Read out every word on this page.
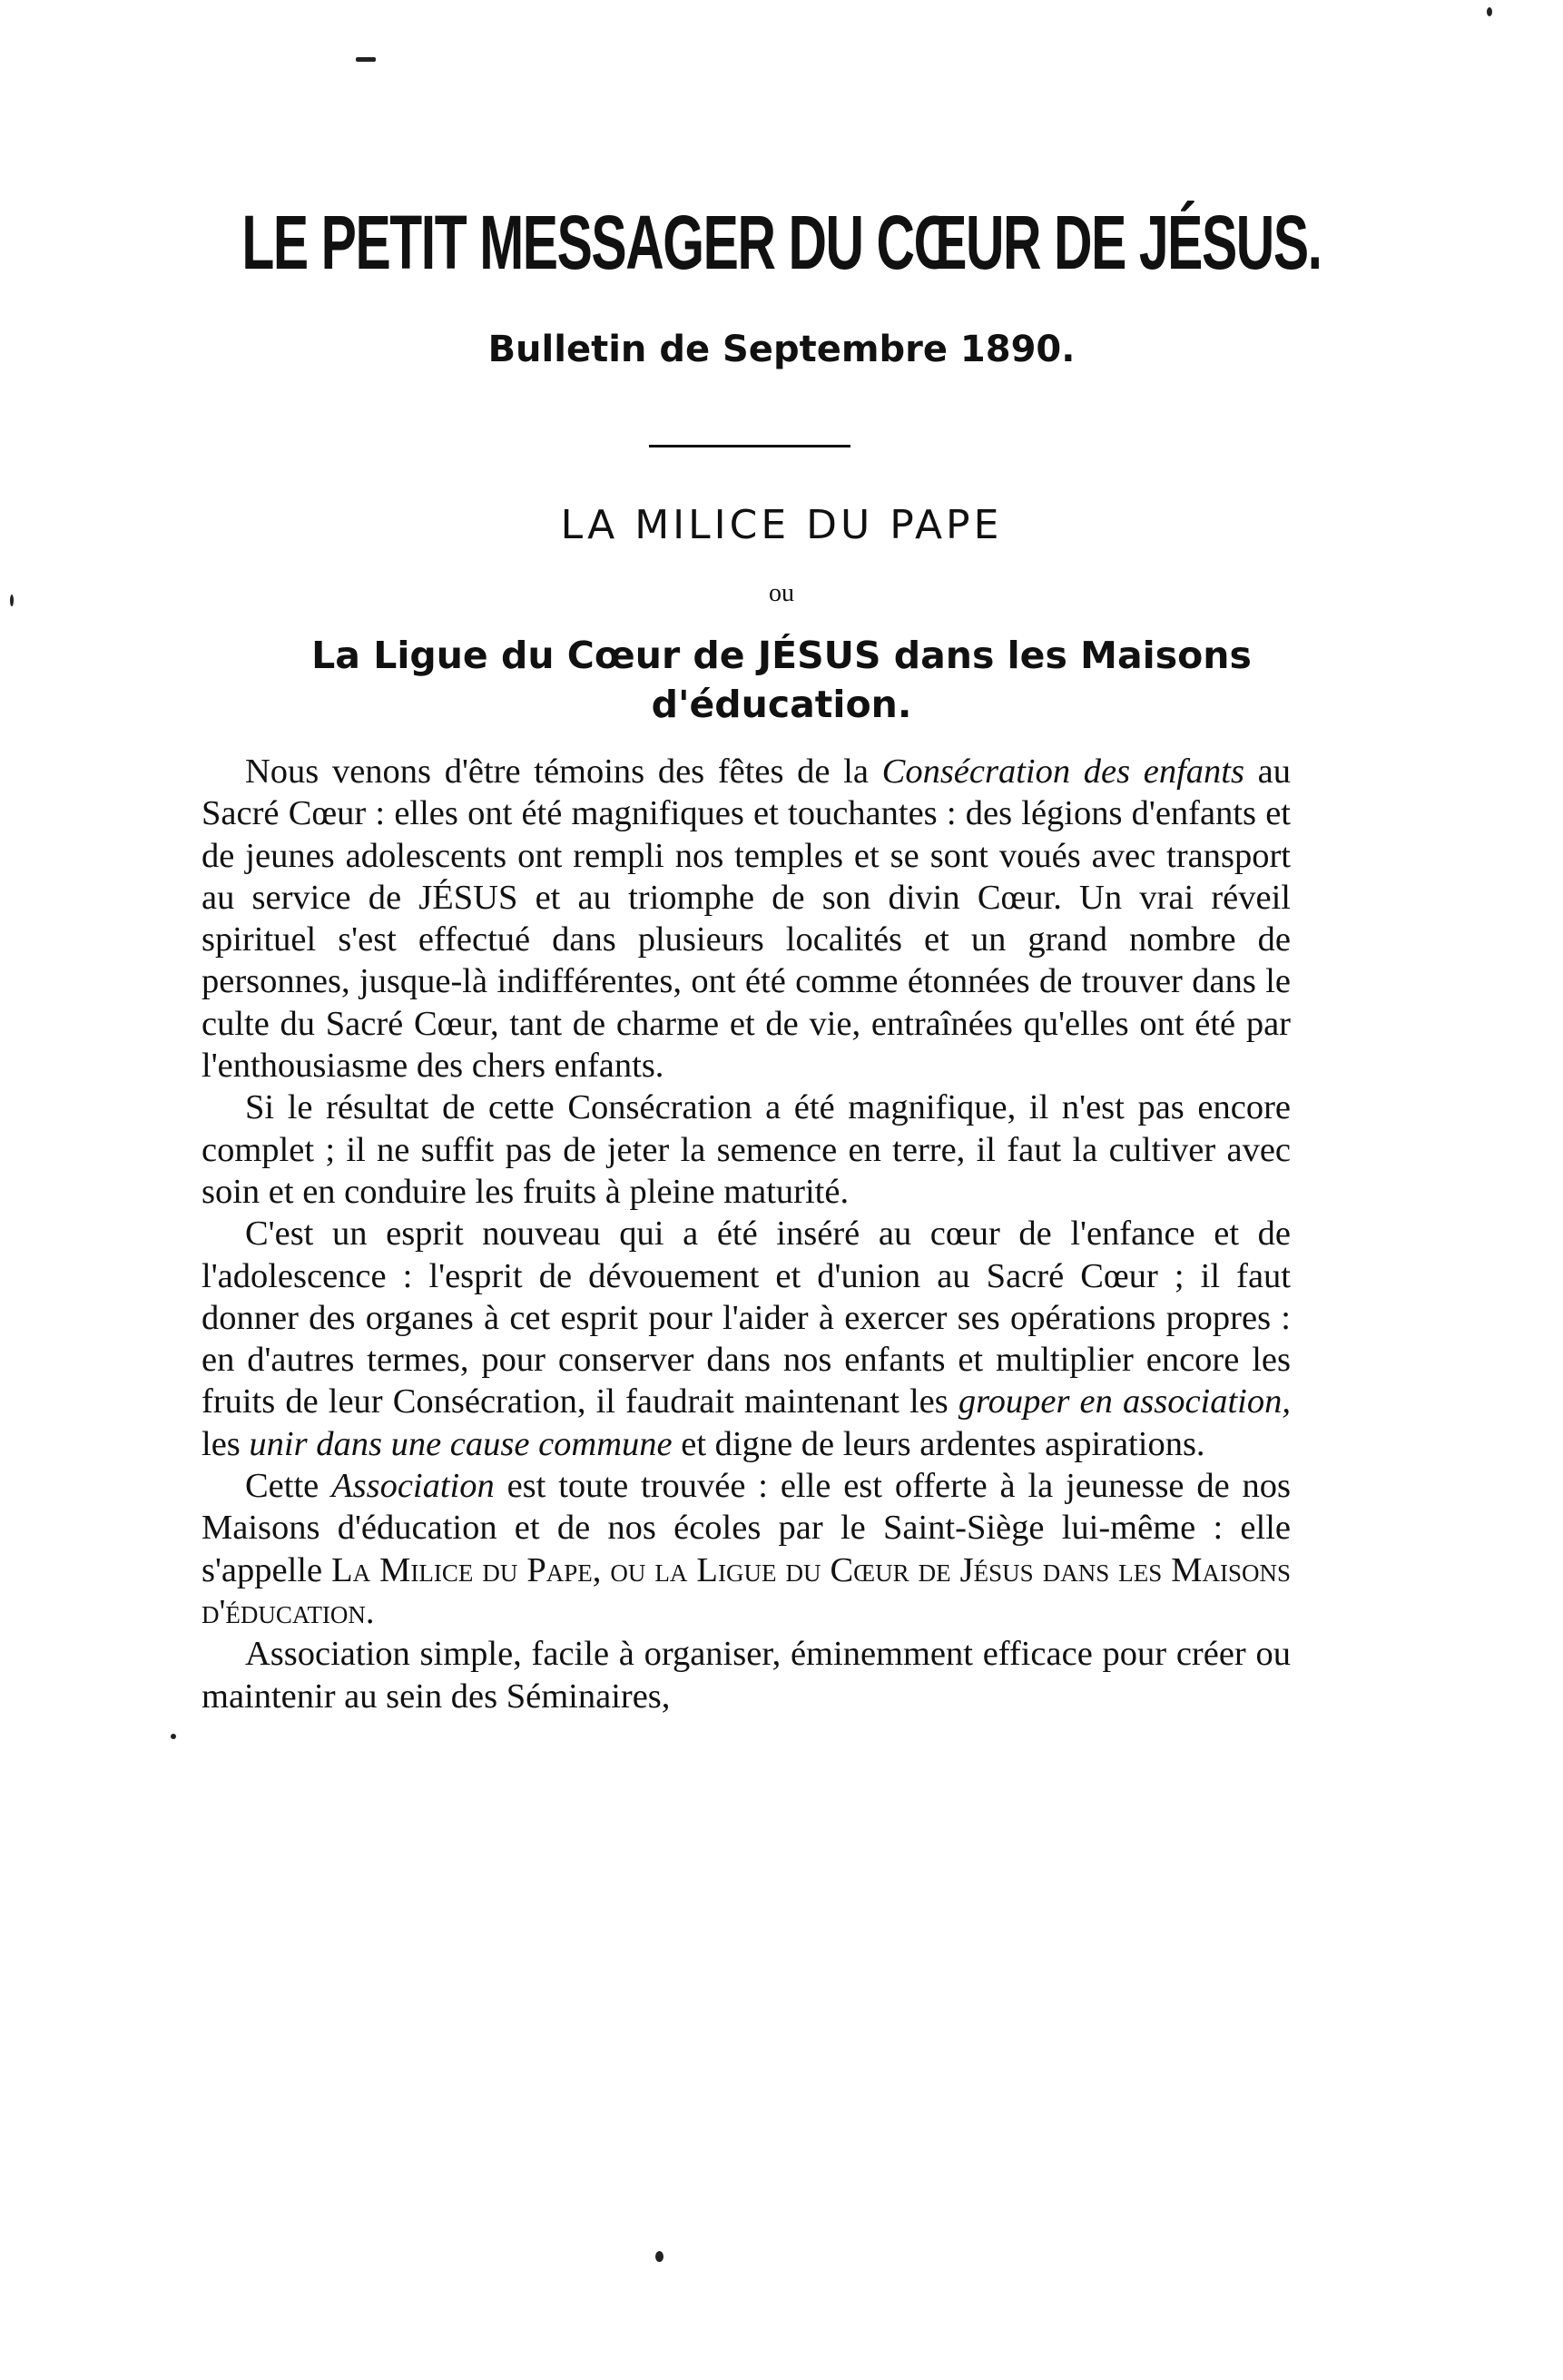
LE PETIT MESSAGER DU CŒUR DE JÉSUS.
Bulletin de Septembre 1890.
LA MILICE DU PAPE
ou
La Ligue du Cœur de JÉSUS dans les Maisons d'éducation.

Nous venons d'être témoins des fêtes de la Consécration des enfants au Sacré Cœur : elles ont été magnifiques et touchantes : des légions d'enfants et de jeunes adolescents ont rempli nos temples et se sont voués avec transport au service de JÉSUS et au triomphe de son divin Cœur. Un vrai réveil spirituel s'est effectué dans plusieurs localités et un grand nombre de personnes, jusque-là indifférentes, ont été comme étonnées de trouver dans le culte du Sacré Cœur, tant de charme et de vie, entraînées qu'elles ont été par l'enthousiasme des chers enfants.

Si le résultat de cette Consécration a été magnifique, il n'est pas encore complet ; il ne suffit pas de jeter la semence en terre, il faut la cultiver avec soin et en conduire les fruits à pleine maturité.

C'est un esprit nouveau qui a été inséré au cœur de l'enfance et de l'adolescence : l'esprit de dévouement et d'union au Sacré Cœur ; il faut donner des organes à cet esprit pour l'aider à exercer ses opérations propres : en d'autres termes, pour conserver dans nos enfants et multiplier encore les fruits de leur Consécration, il faudrait maintenant les grouper en association, les unir dans une cause commune et digne de leurs ardentes aspirations.

Cette Association est toute trouvée : elle est offerte à la jeunesse de nos Maisons d'éducation et de nos écoles par le Saint-Siège lui-même : elle s'appelle La Milice du Pape, ou la Ligue du Cœur de Jésus dans les Maisons d'éducation.

Association simple, facile à organiser, éminemment efficace pour créer ou maintenir au sein des Séminaires,
